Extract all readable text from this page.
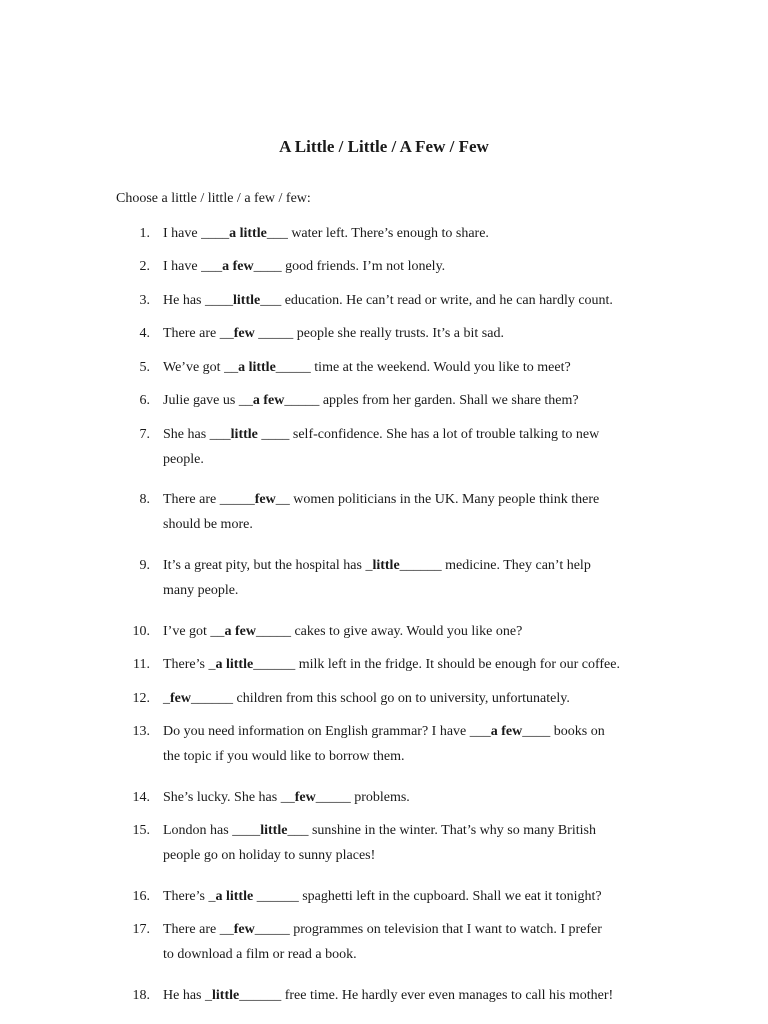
A Little / Little / A Few / Few
Choose a little / little / a few / few:
1. I have ____a little___ water left. There’s enough to share.
2. I have ___a few____ good friends. I’m not lonely.
3. He has ____little___ education. He can’t read or write, and he can hardly count.
4. There are __few _____ people she really trusts. It’s a bit sad.
5. We’ve got __a little_____ time at the weekend. Would you like to meet?
6. Julie gave us __a few_____ apples from her garden. Shall we share them?
7. She has ___little ____ self-confidence. She has a lot of trouble talking to new
people.
8. There are _____few__ women politicians in the UK. Many people think there
should be more.
9. It’s a great pity, but the hospital has _little______ medicine. They can’t help
many people.
10. I’ve got __a few_____ cakes to give away. Would you like one?
11. There’s _a little______ milk left in the fridge. It should be enough for our coffee.
12. _few______ children from this school go on to university, unfortunately.
13. Do you need information on English grammar? I have ___a few____ books on
the topic if you would like to borrow them.
14. She’s lucky. She has __few_____ problems.
15. London has ____little___ sunshine in the winter. That’s why so many British
people go on holiday to sunny places!
16. There’s _a little ______ spaghetti left in the cupboard. Shall we eat it tonight?
17. There are __few_____ programmes on television that I want to watch. I prefer
to download a film or read a book.
18. He has _little______ free time. He hardly ever even manages to call his mother!
